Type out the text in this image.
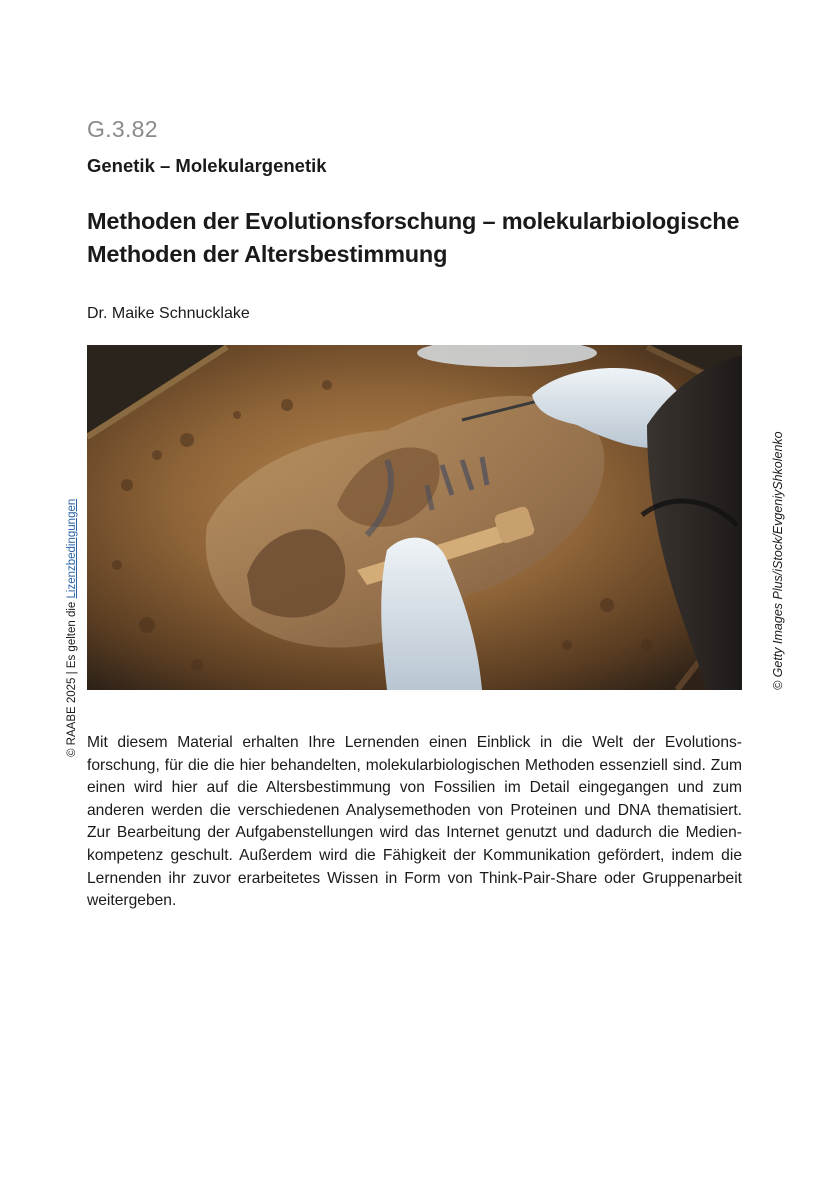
G.3.82
Genetik – Molekulargenetik
Methoden der Evolutionsforschung – molekularbiologische
Methoden der Altersbestimmung
Dr. Maike Schnucklake
© Getty Images Plus/iStock/EvgeniyShkolenko
© RAABE 2025 | Es gelten die Lizenzbedingungen
Mit diesem Material erhalten Ihre Lernenden einen Einblick in die Welt der Evolutionsforschung, für die die hier behandelten, molekularbiologischen Methoden essenziell sind. Zum einen wird hier auf die Altersbestimmung von Fossilien im Detail eingegangen und zum anderen werden die verschiedenen Analysemethoden von Proteinen und DNA thematisiert. Zur Bearbeitung der Aufgabenstellungen wird das Internet genutzt und dadurch die Medienkompetenz geschult. Außerdem wird die Fähigkeit der Kommunikation gefördert, indem die Lernenden ihr zuvor erarbeitetes Wissen in Form von Think-Pair-Share oder Gruppenarbeit weitergeben.
